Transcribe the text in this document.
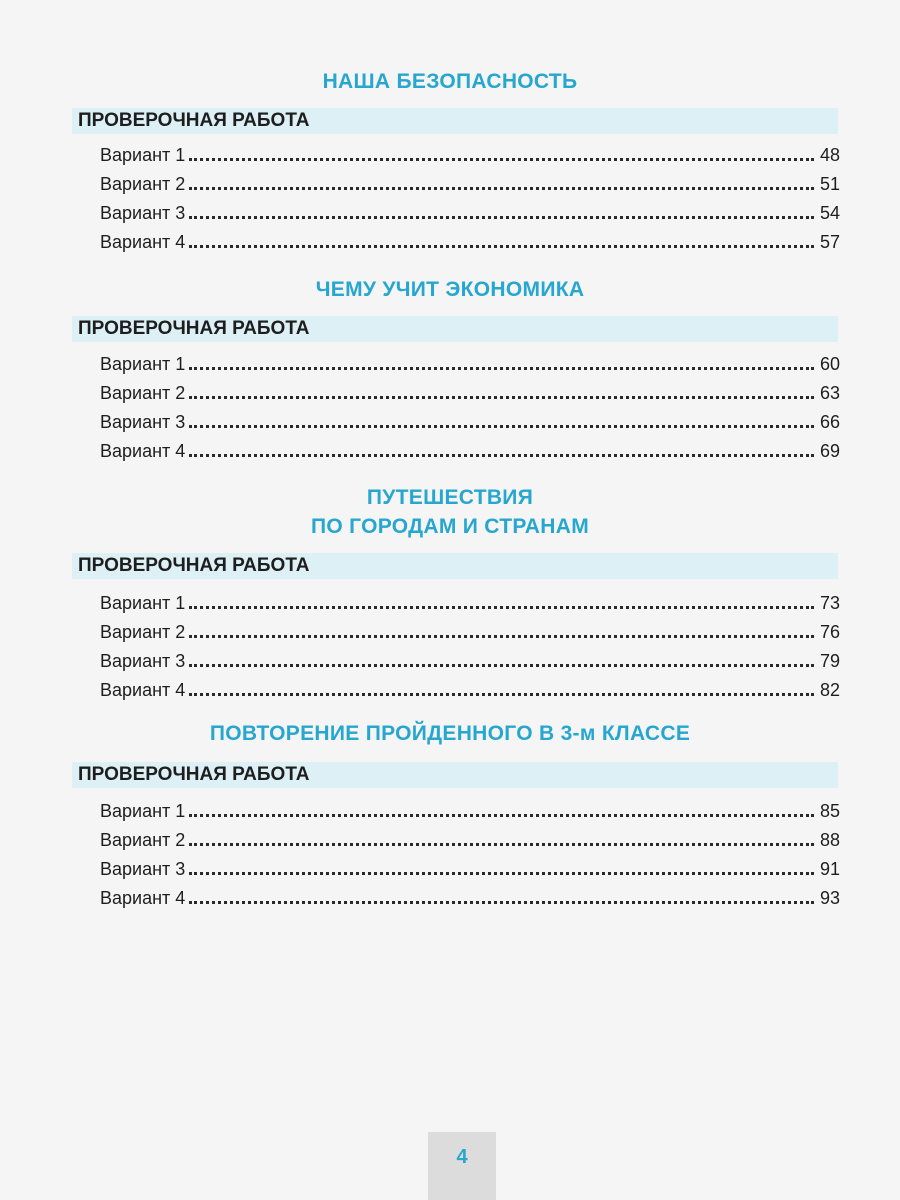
НАША БЕЗОПАСНОСТЬ
ПРОВЕРОЧНАЯ РАБОТА
Вариант 1	48
Вариант 2	51
Вариант 3	54
Вариант 4	57
ЧЕМУ УЧИТ ЭКОНОМИКА
ПРОВЕРОЧНАЯ РАБОТА
Вариант 1	60
Вариант 2	63
Вариант 3	66
Вариант 4	69
ПУТЕШЕСТВИЯ
ПО ГОРОДАМ И СТРАНАМ
ПРОВЕРОЧНАЯ РАБОТА
Вариант 1	73
Вариант 2	76
Вариант 3	79
Вариант 4	82
ПОВТОРЕНИЕ ПРОЙДЕННОГО В 3-м КЛАССЕ
ПРОВЕРОЧНАЯ РАБОТА
Вариант 1	85
Вариант 2	88
Вариант 3	91
Вариант 4	93
4
